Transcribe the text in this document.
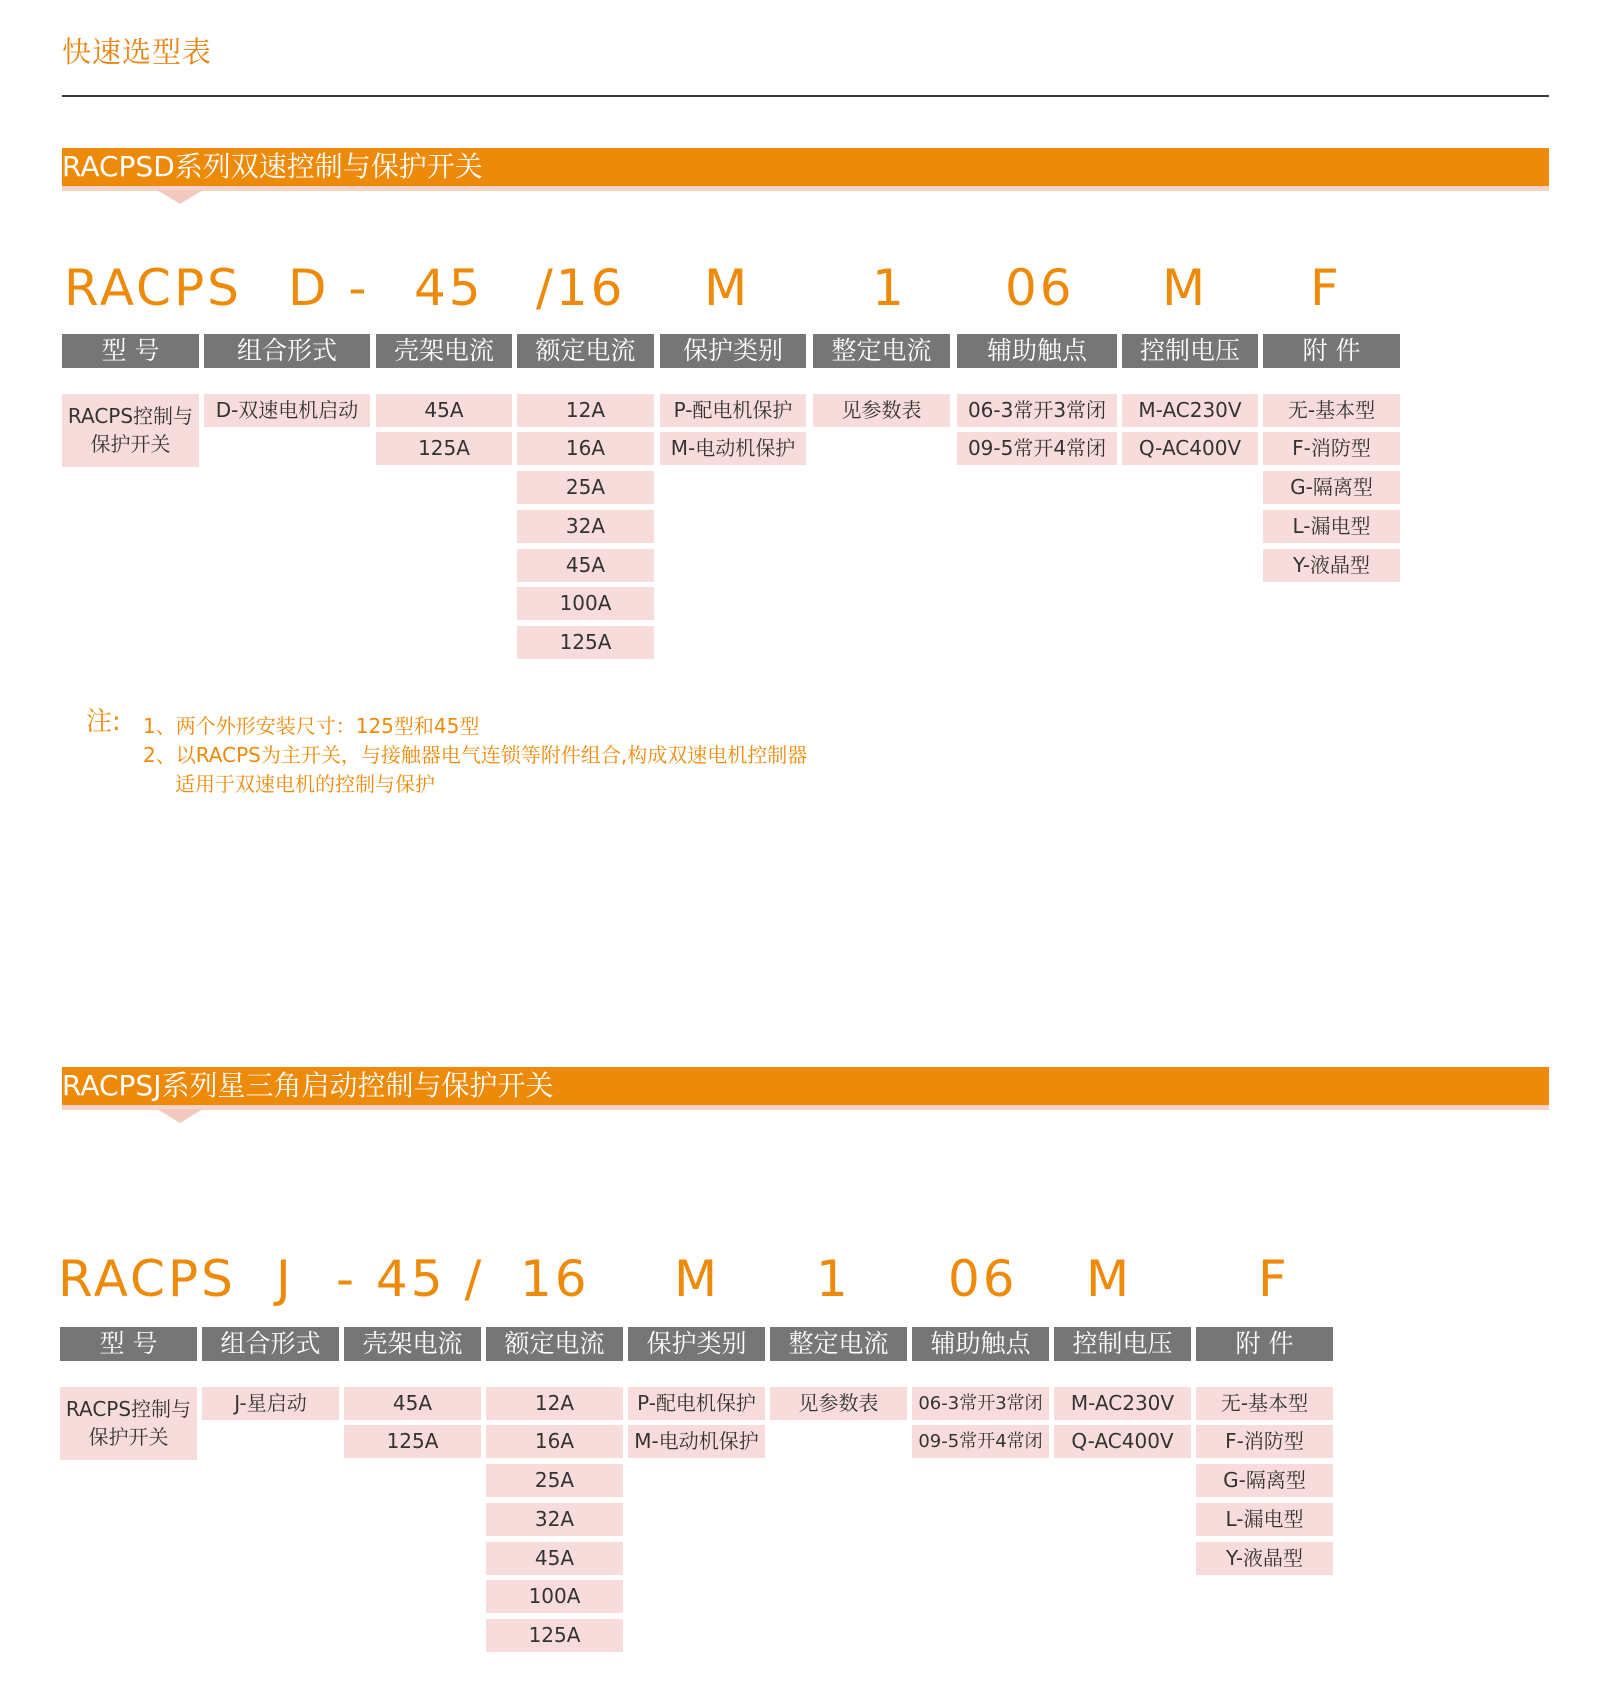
快速选型表
RACPSD系列双速控制与保护开关
RACPS D - 45 /16 M 1 06 M F
型 号
RACPS控制与保护开关
组合形式
D-双速电机启动
壳架电流
45A
125A
额定电流
12A
16A
25A
32A
45A
100A
125A
保护类别
P-配电机保护
M-电动机保护
整定电流
见参数表
辅助触点
06-3常开3常闭
09-5常开4常闭
控制电压
M-AC230V
Q-AC400V
附 件
无-基本型
F-消防型
G-隔离型
L-漏电型
Y-液晶型
注: 1、两个外形安装尺寸：125型和45型
2、以RACPS为主开关，与接触器电气连锁等附件组合,构成双速电机控制器
适用于双速电机的控制与保护
RACPSJ系列星三角启动控制与保护开关
RACPS J - 45 / 16 M 1 06 M	F
型 号
RACPS控制与保护开关
组合形式
J-星启动
壳架电流
45A
125A
额定电流
12A
16A
25A
32A
45A
100A
125A
保护类别
P-配电机保护
M-电动机保护
整定电流
见参数表
辅助触点
06-3常开3常闭
09-5常开4常闭
控制电压
M-AC230V
Q-AC400V
附 件
无-基本型
F-消防型
G-隔离型
L-漏电型
Y-液晶型
